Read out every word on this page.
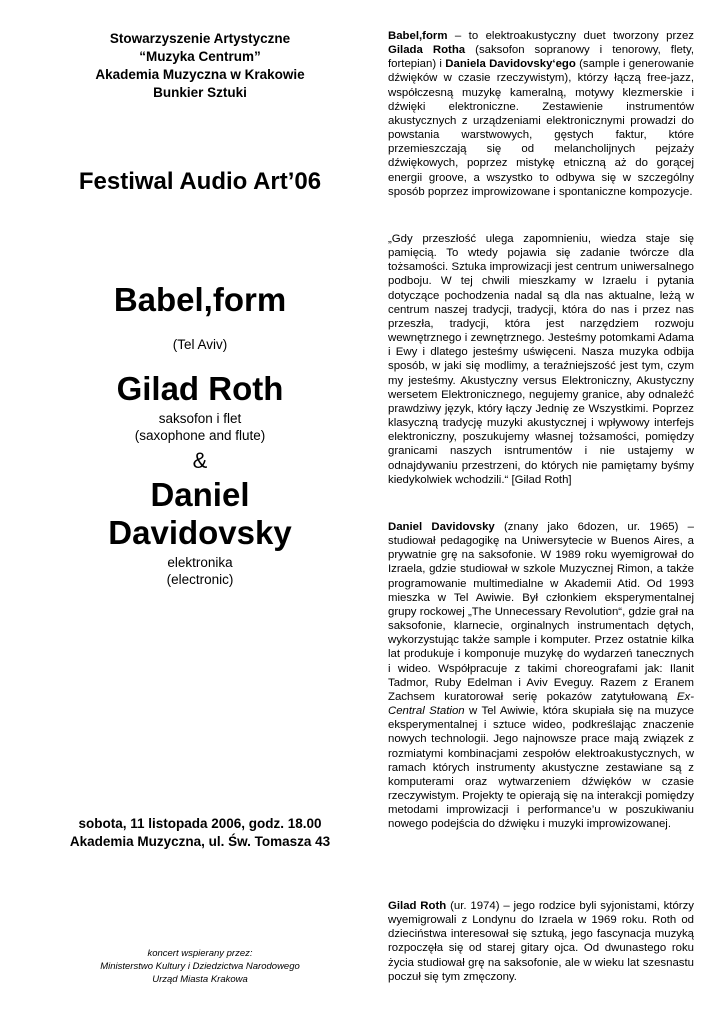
Stowarzyszenie Artystyczne
“Muzyka Centrum”
Akademia Muzyczna w Krakowie
Bunkier Sztuki
Festiwal Audio Art’06
Babel,form
(Tel Aviv)
Gilad Roth
saksofon i flet
(saxophone and flute)
&
Daniel
Davidovsky
elektronika
(electronic)
sobota, 11 listopada 2006, godz. 18.00
Akademia Muzyczna, ul. Św. Tomasza 43
koncert wspierany przez:
Ministerstwo Kultury i Dziedzictwa Narodowego
Urząd Miasta Krakowa

Babel,form – to elektroakustyczny duet tworzony przez Gilada Rotha (saksofon sopranowy i tenorowy, flety, fortepian) i Daniela Davidovsky‘ego (sample i generowanie dźwięków w czasie rzeczywistym), którzy łączą free-jazz, współczesną muzykę kameralną, motywy klezmerskie i dźwięki elektroniczne. Zestawienie instrumentów akustycznych z urządzeniami elektronicznymi prowadzi do powstania warstwowych, gęstych faktur, które przemieszczają się od melancholijnych pejzaży dźwiękowych, poprzez mistykę etniczną aż do gorącej energii groove, a wszystko to odbywa się w szczególny sposób poprzez improwizowane i spontaniczne kompozycje.

„Gdy przeszłość ulega zapomnieniu, wiedza staje się pamięcią. To wtedy pojawia się zadanie twórcze dla tożsamości. Sztuka improwizacji jest centrum uniwersalnego podboju. W tej chwili mieszkamy w Izraelu i pytania dotyczące pochodzenia nadal są dla nas aktualne, leżą w centrum naszej tradycji, tradycji, która do nas i przez nas przeszła, tradycji, która jest narzędziem rozwoju wewnętrznego i zewnętrznego. Jesteśmy potomkami Adama i Ewy i dlatego jesteśmy uświęceni. Nasza muzyka odbija sposób, w jaki się modlimy, a teraźniejszość jest tym, czym my jesteśmy. Akustyczny versus Elektroniczny, Akustyczny wersetem Elektronicznego, negujemy granice, aby odnaleźć prawdziwy język, który łączy Jednię ze Wszystkimi. Poprzez klasyczną tradycję muzyki akustycznej i wpływowy interfejs elektroniczny, poszukujemy własnej tożsamości, pomiędzy granicami naszych isntrumentów i nie ustajemy w odnajdywaniu przestrzeni, do których nie pamiętamy byśmy kiedykolwiek wchodzili.“ [Gilad Roth]

Daniel Davidovsky (znany jako 6dozen, ur. 1965) – studiował pedagogikę na Uniwersytecie w Buenos Aires, a prywatnie grę na saksofonie. W 1989 roku wyemigrował do Izraela, gdzie studiował w szkole Muzycznej Rimon, a także programowanie multimedialne w Akademii Atid. Od 1993 mieszka w Tel Awiwie. Był członkiem eksperymentalnej grupy rockowej „The Unnecessary Revolution“, gdzie grał na saksofonie, klarnecie, orginalnych instrumentach dętych, wykorzystując także sample i komputer. Przez ostatnie kilka lat produkuje i komponuje muzykę do wydarzeń tanecznych i wideo. Współpracuje z takimi choreografami jak: Ilanit Tadmor, Ruby Edelman i Aviv Eveguy. Razem z Eranem Zachsem kuratorował serię pokazów zatytułowaną Ex-Central Station w Tel Awiwie, która skupiała się na muzyce eksperymentalnej i sztuce wideo, podkreślając znaczenie nowych technologii. Jego najnowsze prace mają związek z rozmiatymi kombinacjami zespołów elektroakustycznych, w ramach których instrumenty akustyczne zestawiane są z komputerami oraz wytwarzeniem dźwięków w czasie rzeczywistym. Projekty te opierają się na interakcji pomiędzy metodami improwizacji i performance’u w poszukiwaniu nowego podejścia do dźwięku i muzyki improwizowanej.

Gilad Roth (ur. 1974) – jego rodzice byli syjonistami, którzy wyemigrowali z Londynu do Izraela w 1969 roku. Roth od dzieciństwa interesował się sztuką, jego fascynacja muzyką rozpoczęła się od starej gitary ojca. Od dwunastego roku życia studiował grę na saksofonie, ale w wieku lat szesnastu poczuł się tym zmęczony.
